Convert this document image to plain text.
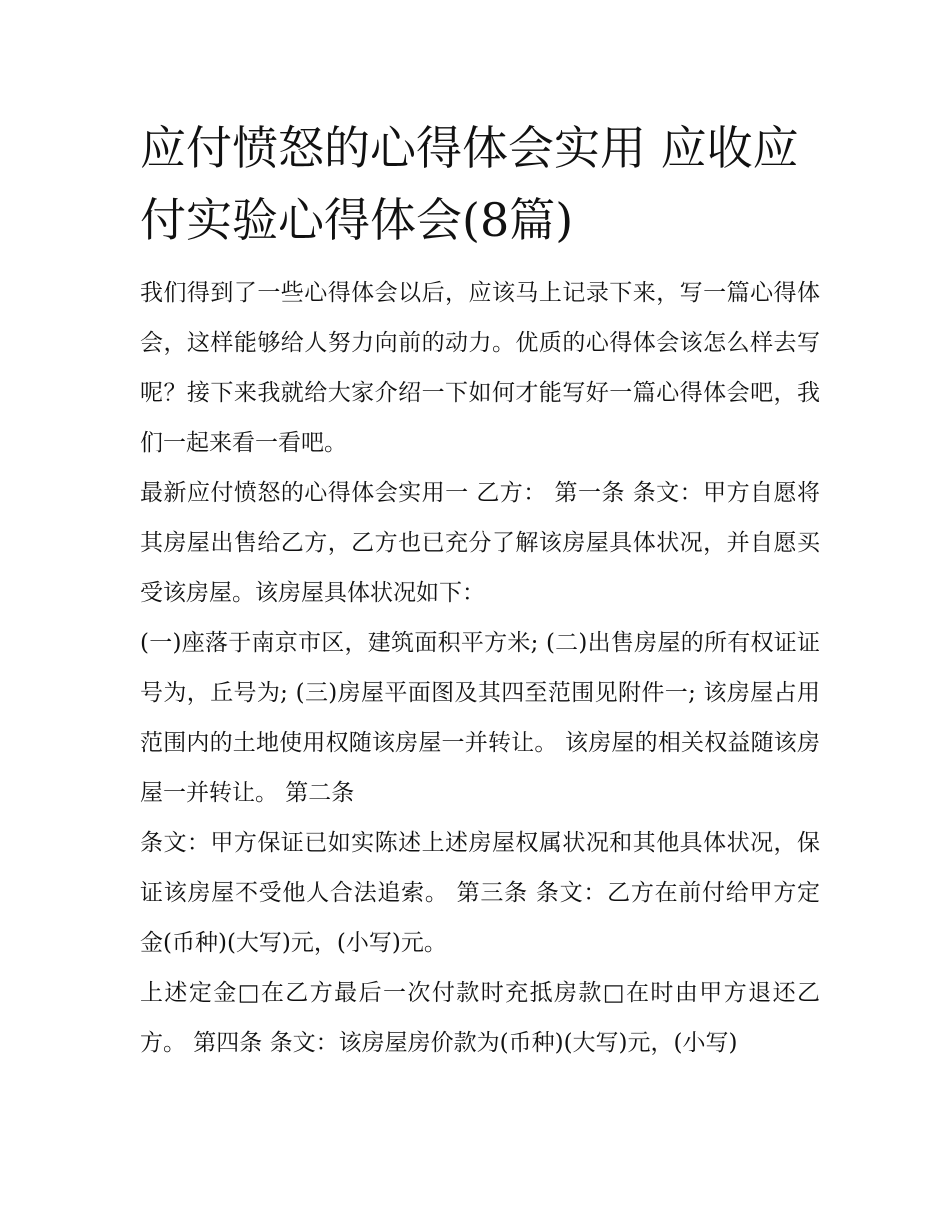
应付愤怒的心得体会实用 应收应付实验心得体会(8篇)

我们得到了一些心得体会以后，应该马上记录下来，写一篇心得体会，这样能够给人努力向前的动力。优质的心得体会该怎么样去写呢？接下来我就给大家介绍一下如何才能写好一篇心得体会吧，我们一起来看一看吧。

最新应付愤怒的心得体会实用一 乙方： 第一条 条文：甲方自愿将其房屋出售给乙方，乙方也已充分了解该房屋具体状况，并自愿买受该房屋。该房屋具体状况如下：

(一)座落于南京市区，建筑面积平方米; (二)出售房屋的所有权证证号为，丘号为; (三)房屋平面图及其四至范围见附件一; 该房屋占用范围内的土地使用权随该房屋一并转让。 该房屋的相关权益随该房屋一并转让。 第二条

条文：甲方保证已如实陈述上述房屋权属状况和其他具体状况，保证该房屋不受他人合法追索。 第三条 条文：乙方在前付给甲方定金(币种)(大写)元，(小写)元。

上述定金□在乙方最后一次付款时充抵房款□在时由甲方退还乙方。 第四条 条文：该房屋房价款为(币种)(大写)元，(小写)
